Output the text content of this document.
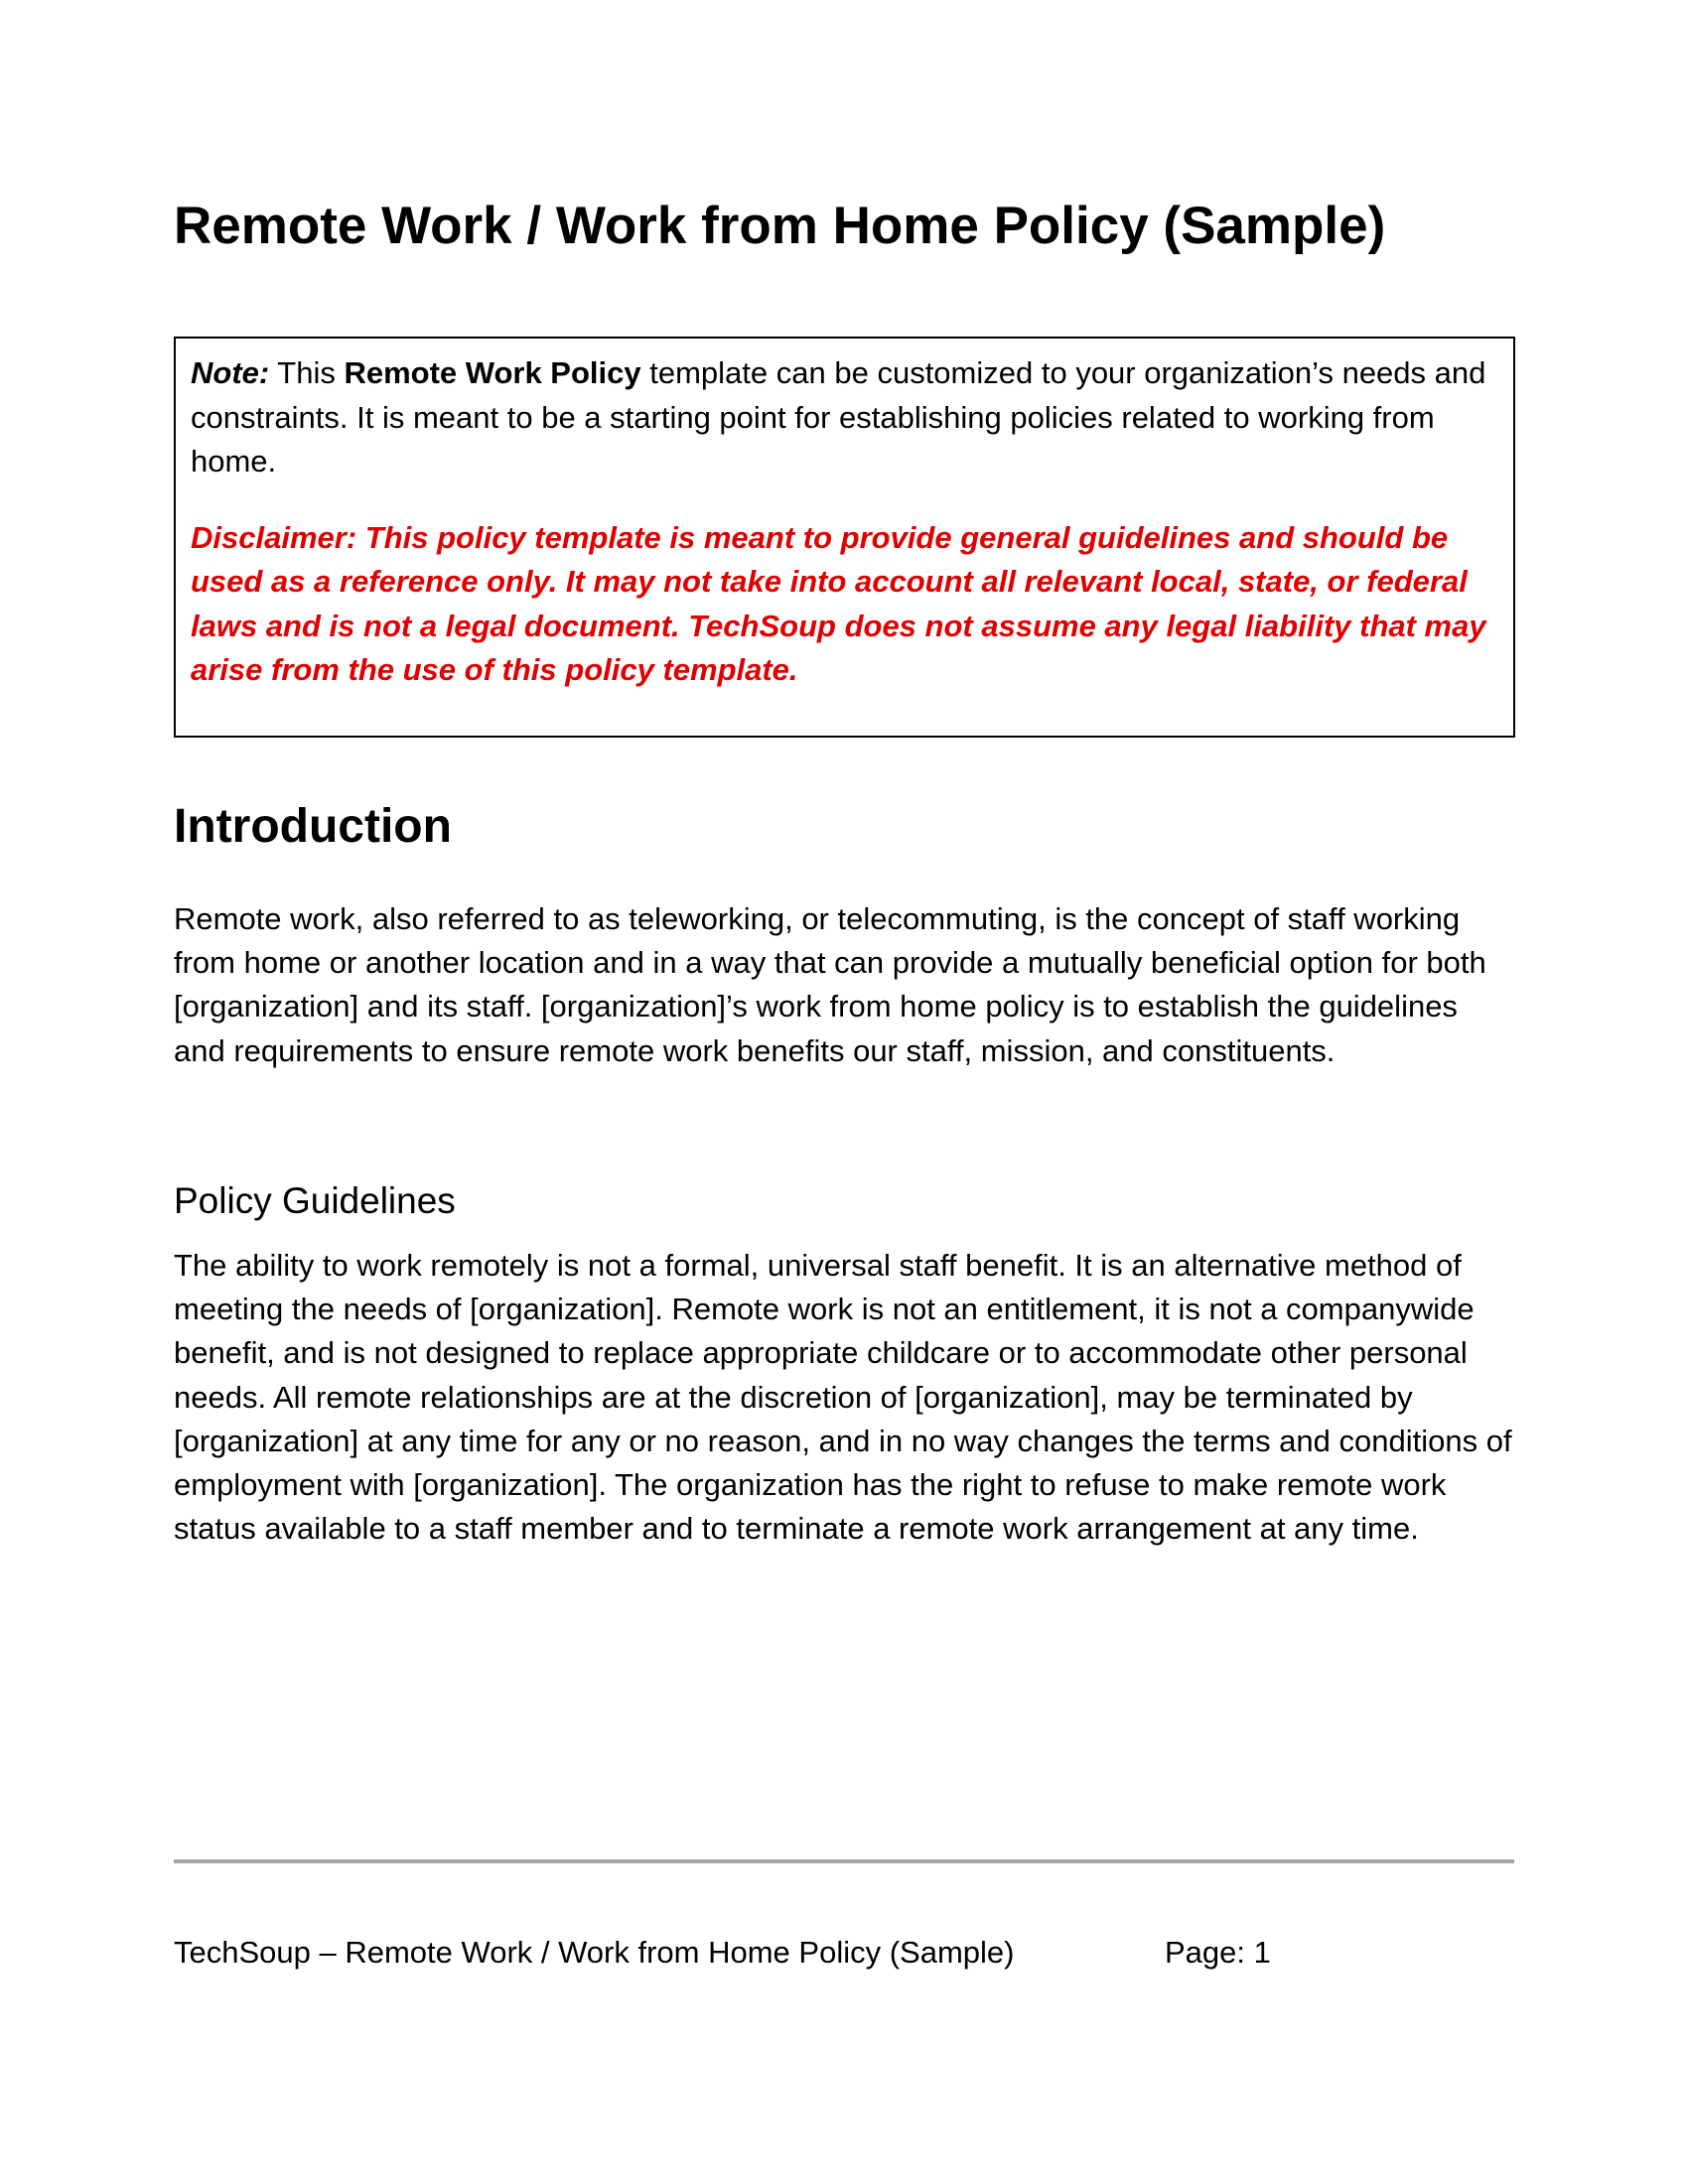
Remote Work / Work from Home Policy (Sample)

Note: This Remote Work Policy template can be customized to your organization’s needs and constraints. It is meant to be a starting point for establishing policies related to working from home.

Disclaimer: This policy template is meant to provide general guidelines and should be used as a reference only. It may not take into account all relevant local, state, or federal laws and is not a legal document. TechSoup does not assume any legal liability that may arise from the use of this policy template.

Introduction

Remote work, also referred to as teleworking, or telecommuting, is the concept of staff working from home or another location and in a way that can provide a mutually beneficial option for both [organization] and its staff. [organization]’s work from home policy is to establish the guidelines and requirements to ensure remote work benefits our staff, mission, and constituents.

Policy Guidelines

The ability to work remotely is not a formal, universal staff benefit. It is an alternative method of meeting the needs of [organization]. Remote work is not an entitlement, it is not a companywide benefit, and is not designed to replace appropriate childcare or to accommodate other personal needs. All remote relationships are at the discretion of [organization], may be terminated by [organization] at any time for any or no reason, and in no way changes the terms and conditions of employment with [organization]. The organization has the right to refuse to make remote work status available to a staff member and to terminate a remote work arrangement at any time.

TechSoup – Remote Work / Work from Home Policy (Sample)	Page: 1
